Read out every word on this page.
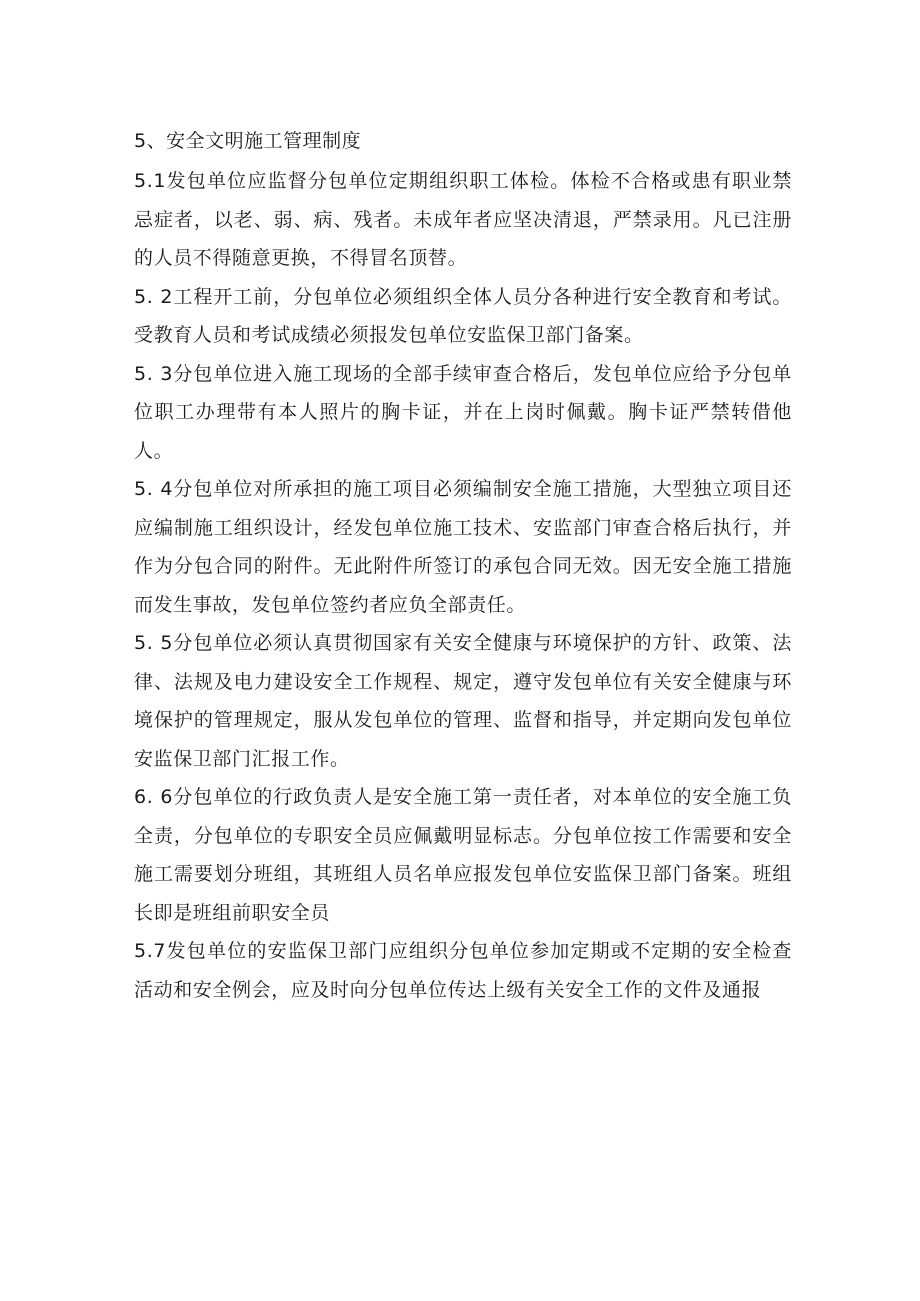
5、安全文明施工管理制度

5.1发包单位应监督分包单位定期组织职工体检。体检不合格或患有职业禁忌症者，以老、弱、病、残者。未成年者应坚决清退，严禁录用。凡已注册的人员不得随意更换，不得冒名顶替。

5. 2工程开工前，分包单位必须组织全体人员分各种进行安全教育和考试。受教育人员和考试成绩必须报发包单位安监保卫部门备案。

5. 3分包单位进入施工现场的全部手续审查合格后，发包单位应给予分包单位职工办理带有本人照片的胸卡证，并在上岗时佩戴。胸卡证严禁转借他人。

5. 4分包单位对所承担的施工项目必须编制安全施工措施，大型独立项目还应编制施工组织设计，经发包单位施工技术、安监部门审查合格后执行，并作为分包合同的附件。无此附件所签订的承包合同无效。因无安全施工措施而发生事故，发包单位签约者应负全部责任。

5. 5分包单位必须认真贯彻国家有关安全健康与环境保护的方针、政策、法律、法规及电力建设安全工作规程、规定，遵守发包单位有关安全健康与环境保护的管理规定，服从发包单位的管理、监督和指导，并定期向发包单位安监保卫部门汇报工作。

6. 6分包单位的行政负责人是安全施工第一责任者，对本单位的安全施工负全责，分包单位的专职安全员应佩戴明显标志。分包单位按工作需要和安全施工需要划分班组，其班组人员名单应报发包单位安监保卫部门备案。班组长即是班组前职安全员

5.7发包单位的安监保卫部门应组织分包单位参加定期或不定期的安全检查活动和安全例会，应及时向分包单位传达上级有关安全工作的文件及通报
